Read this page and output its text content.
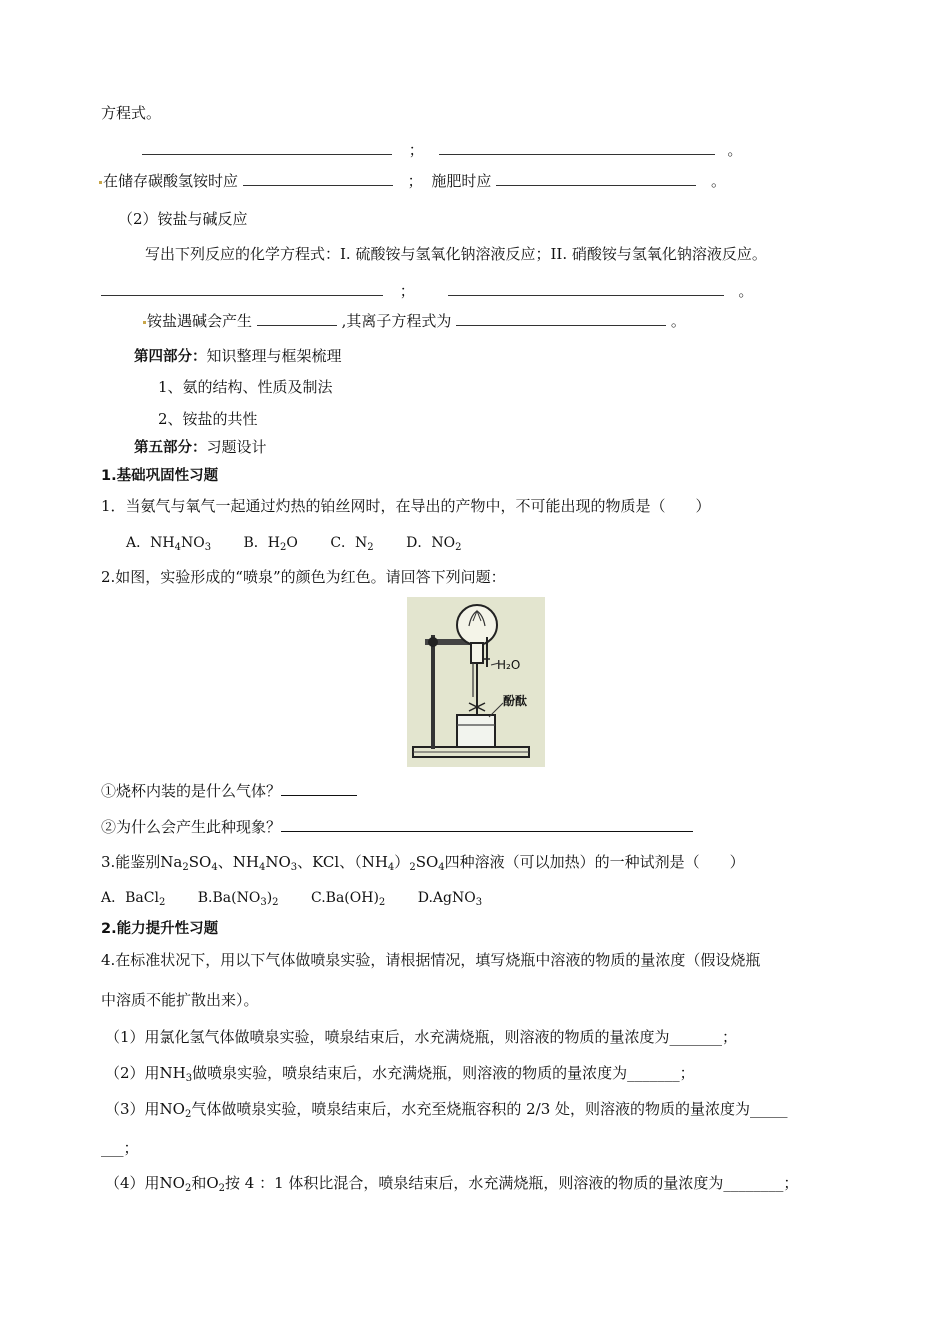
方程式。
；	。
在储存碳酸氢铵时应	； 施肥时应	。
（2）铵盐与碱反应
写出下列反应的化学方程式：I. 硫酸铵与氢氧化钠溶液反应；II. 硝酸铵与氢氧化钠溶液反应。
；	。
铵盐遇碱会产生	,其离子方程式为	。
第四部分：知识整理与框架梳理
1、氨的结构、性质及制法
2、铵盐的共性
第五部分：习题设计
1.基础巩固性习题
1．当氨气与氧气一起通过灼热的铂丝网时，在导出的产物中，不可能出现的物质是（　　）
A．$NH_4NO_3$ B．$H_2O$ C．$N_2$ D．$NO_2$
2.如图，实验形成的“喷泉”的颜色为红色。请回答下列问题：
H₂O
酚酞
①烧杯内装的是什么气体？
②为什么会产生此种现象？
3.能鉴别$Na_2SO_4$、$NH_4NO_3$、KCl、$(NH_4)_2SO_4$四种溶液（可以加热）的一种试剂是（　　）
A．BaCl$_2$ $B.Ba(NO_3)_2$ $C.Ba(OH)_2$ D.AgNO$_3$
2.能力提升性习题
4.在标准状况下，用以下气体做喷泉实验，请根据情况，填写烧瓶中溶液的物质的量浓度（假设烧瓶
中溶质不能扩散出来）。
（1）用氯化氢气体做喷泉实验，喷泉结束后，水充满烧瓶，则溶液的物质的量浓度为_______；
（2）用$NH_3$做喷泉实验，喷泉结束后，水充满烧瓶，则溶液的物质的量浓度为_______；
（3）用$NO_2$气体做喷泉实验，喷泉结束后，水充至烧瓶容积的 2/3 处，则溶液的物质的量浓度为_____
___；
（4）用$NO_2$和$O_2$按 4 ：1 体积比混合，喷泉结束后，水充满烧瓶，则溶液的物质的量浓度为________；
